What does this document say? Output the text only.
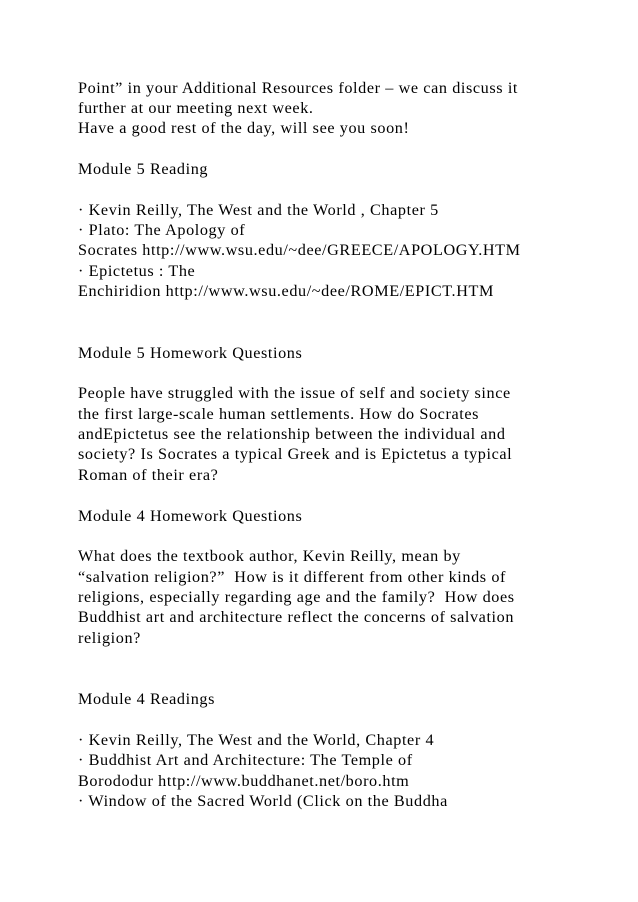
Point” in your Additional Resources folder – we can discuss it
further at our meeting next week.
Have a good rest of the day, will see you soon!
Module 5 Reading
· Kevin Reilly, The West and the World , Chapter 5
· Plato: The Apology of
Socrates http://www.wsu.edu/~dee/GREECE/APOLOGY.HTM
· Epictetus : The
Enchiridion http://www.wsu.edu/~dee/ROME/EPICT.HTM
Module 5 Homework Questions
People have struggled with the issue of self and society since
the first large-scale human settlements. How do Socrates
andEpictetus see the relationship between the individual and
society? Is Socrates a typical Greek and is Epictetus a typical
Roman of their era?
Module 4 Homework Questions
What does the textbook author, Kevin Reilly, mean by
“salvation religion?”  How is it different from other kinds of
religions, especially regarding age and the family?  How does
Buddhist art and architecture reflect the concerns of salvation
religion?
Module 4 Readings
· Kevin Reilly, The West and the World, Chapter 4
· Buddhist Art and Architecture: The Temple of
Borododur http://www.buddhanet.net/boro.htm
· Window of the Sacred World (Click on the Buddha
